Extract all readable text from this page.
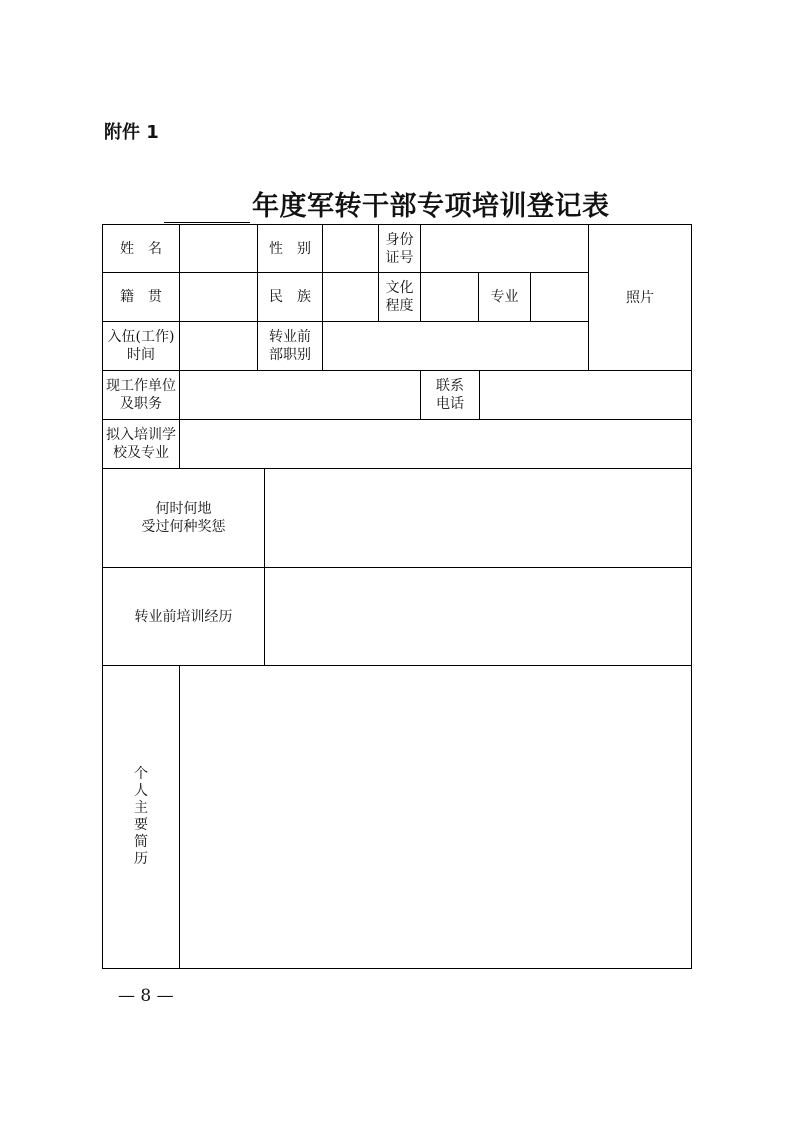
附件 1
年度军转干部专项培训登记表
姓　名	性　别
身份
证号
照片
籍　贯	民　族
文化
程度
专业
入伍(工作)
时间
转业前
部职别
现工作单位
及职务
联系
电话
拟入培训学
校及专业
何时何地
受过何种奖惩
转业前培训经历
个人主要简历
— 8 —
